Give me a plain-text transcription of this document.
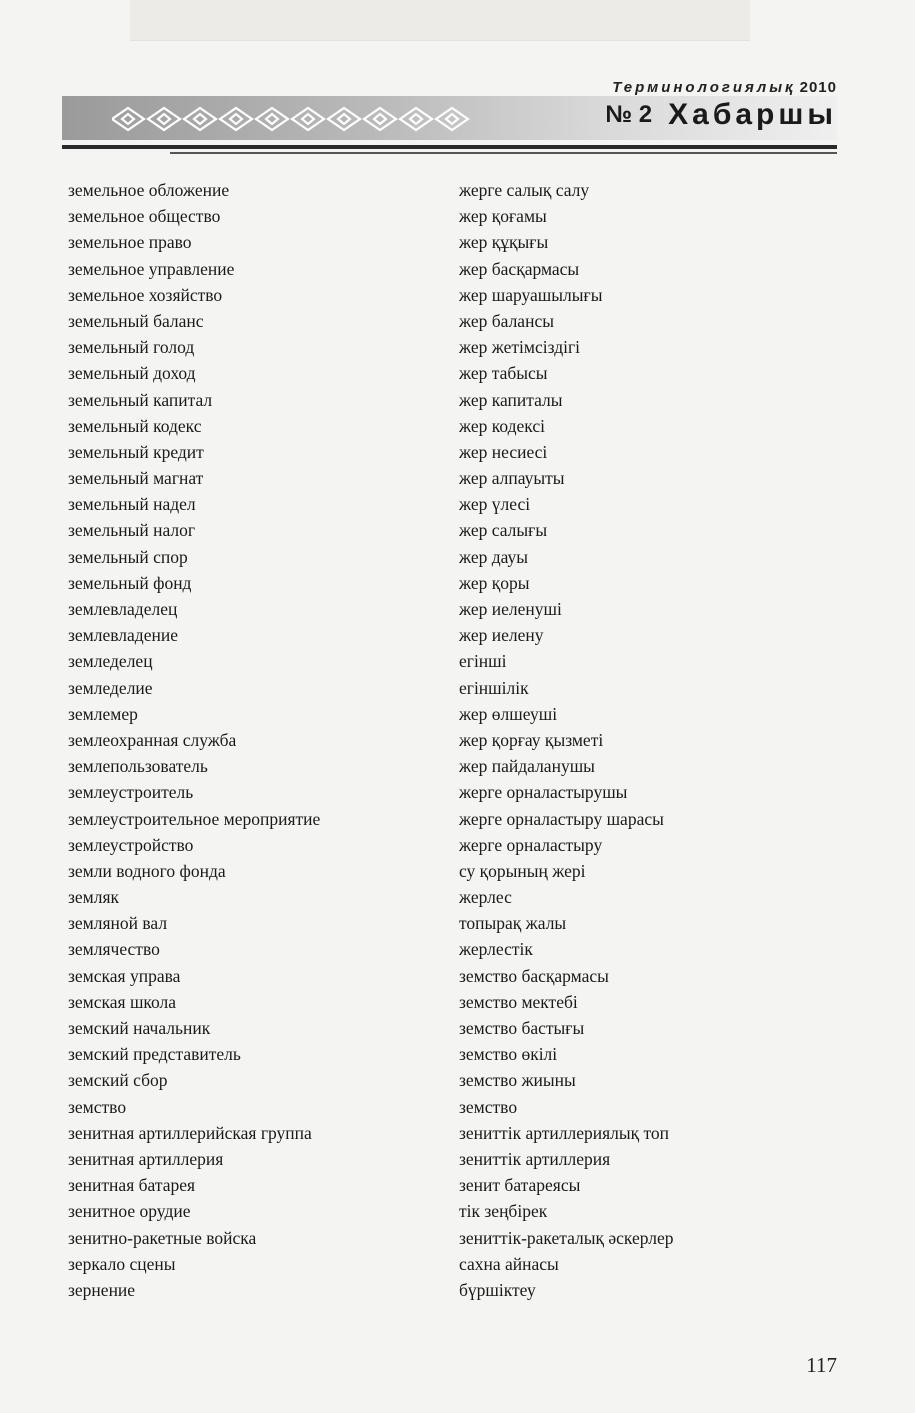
Терминологиялық 2010
№ 2 Хабаршы
земельное обложение
земельное общество
земельное право
земельное управление
земельное хозяйство
земельный баланс
земельный голод
земельный доход
земельный капитал
земельный кодекс
земельный кредит
земельный магнат
земельный надел
земельный налог
земельный спор
земельный фонд
землевладелец
землевладение
земледелец
земледелие
землемер
землеохранная служба
землепользователь
землеустроитель
землеустроительное мероприятие
землеустройство
земли водного фонда
земляк
земляной вал
землячество
земская управа
земская школа
земский начальник
земский представитель
земский сбор
земство
зенитная артиллерийская группа
зенитная артиллерия
зенитная батарея
зенитное орудие
зенитно-ракетные войска
зеркало сцены
зернение
жерге салық салу
жер қоғамы
жер құқығы
жер басқармасы
жер шаруашылығы
жер балансы
жер жетімсіздігі
жер табысы
жер капиталы
жер кодексі
жер несиесі
жер алпауыты
жер үлесі
жер салығы
жер дауы
жер қоры
жер иеленуші
жер иелену
егінші
егіншілік
жер өлшеуші
жер қорғау қызметі
жер пайдаланушы
жерге орналастырушы
жерге орналастыру шарасы
жерге орналастыру
су қорының жері
жерлес
топырақ жалы
жерлестік
земство басқармасы
земство мектебі
земство бастығы
земство өкілі
земство жиыны
земство
зениттік артиллериялық топ
зениттік артиллерия
зенит батареясы
тік зеңбірек
зениттік-ракеталық әскерлер
сахна айнасы
бүршіктеу
117
